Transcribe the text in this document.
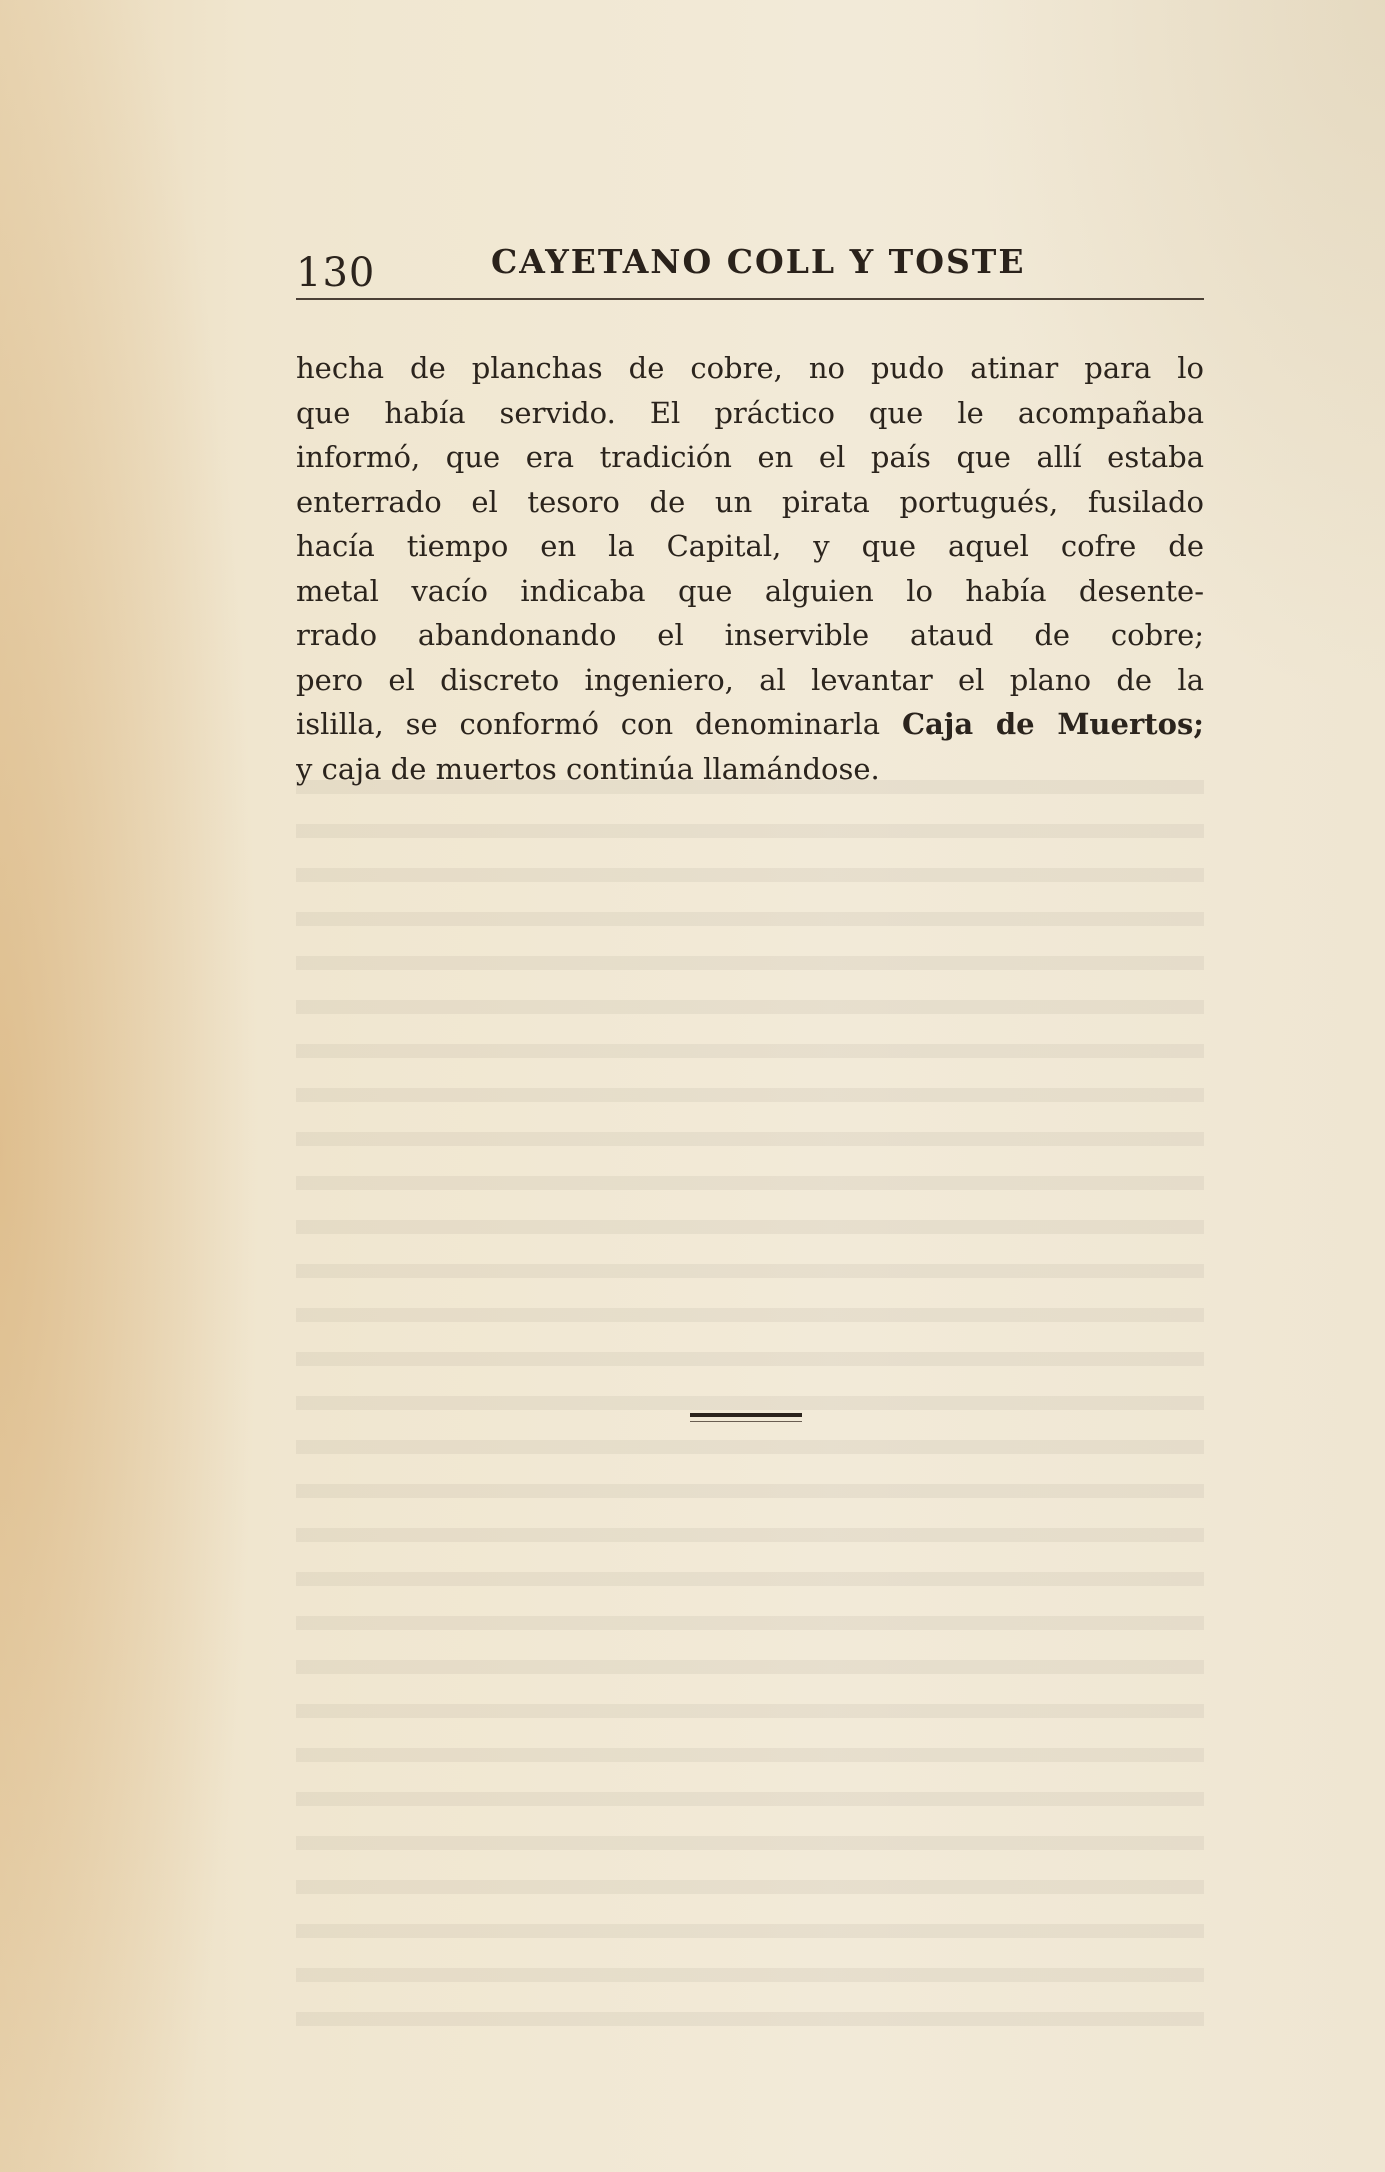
130	CAYETANO COLL Y TOSTE
hecha de planchas de cobre, no pudo atinar para lo
que había servido. El práctico que le acompañaba
informó, que era tradición en el país que allí estaba
enterrado el tesoro de un pirata portugués, fusilado
hacía tiempo en la Capital, y que aquel cofre de
metal vacío indicaba que alguien lo había desente-
rrado abandonando el inservible ataud de cobre;
pero el discreto ingeniero, al levantar el plano de la
islilla, se conformó con denominarla Caja de Muertos;
y caja de muertos continúa llamándose.
